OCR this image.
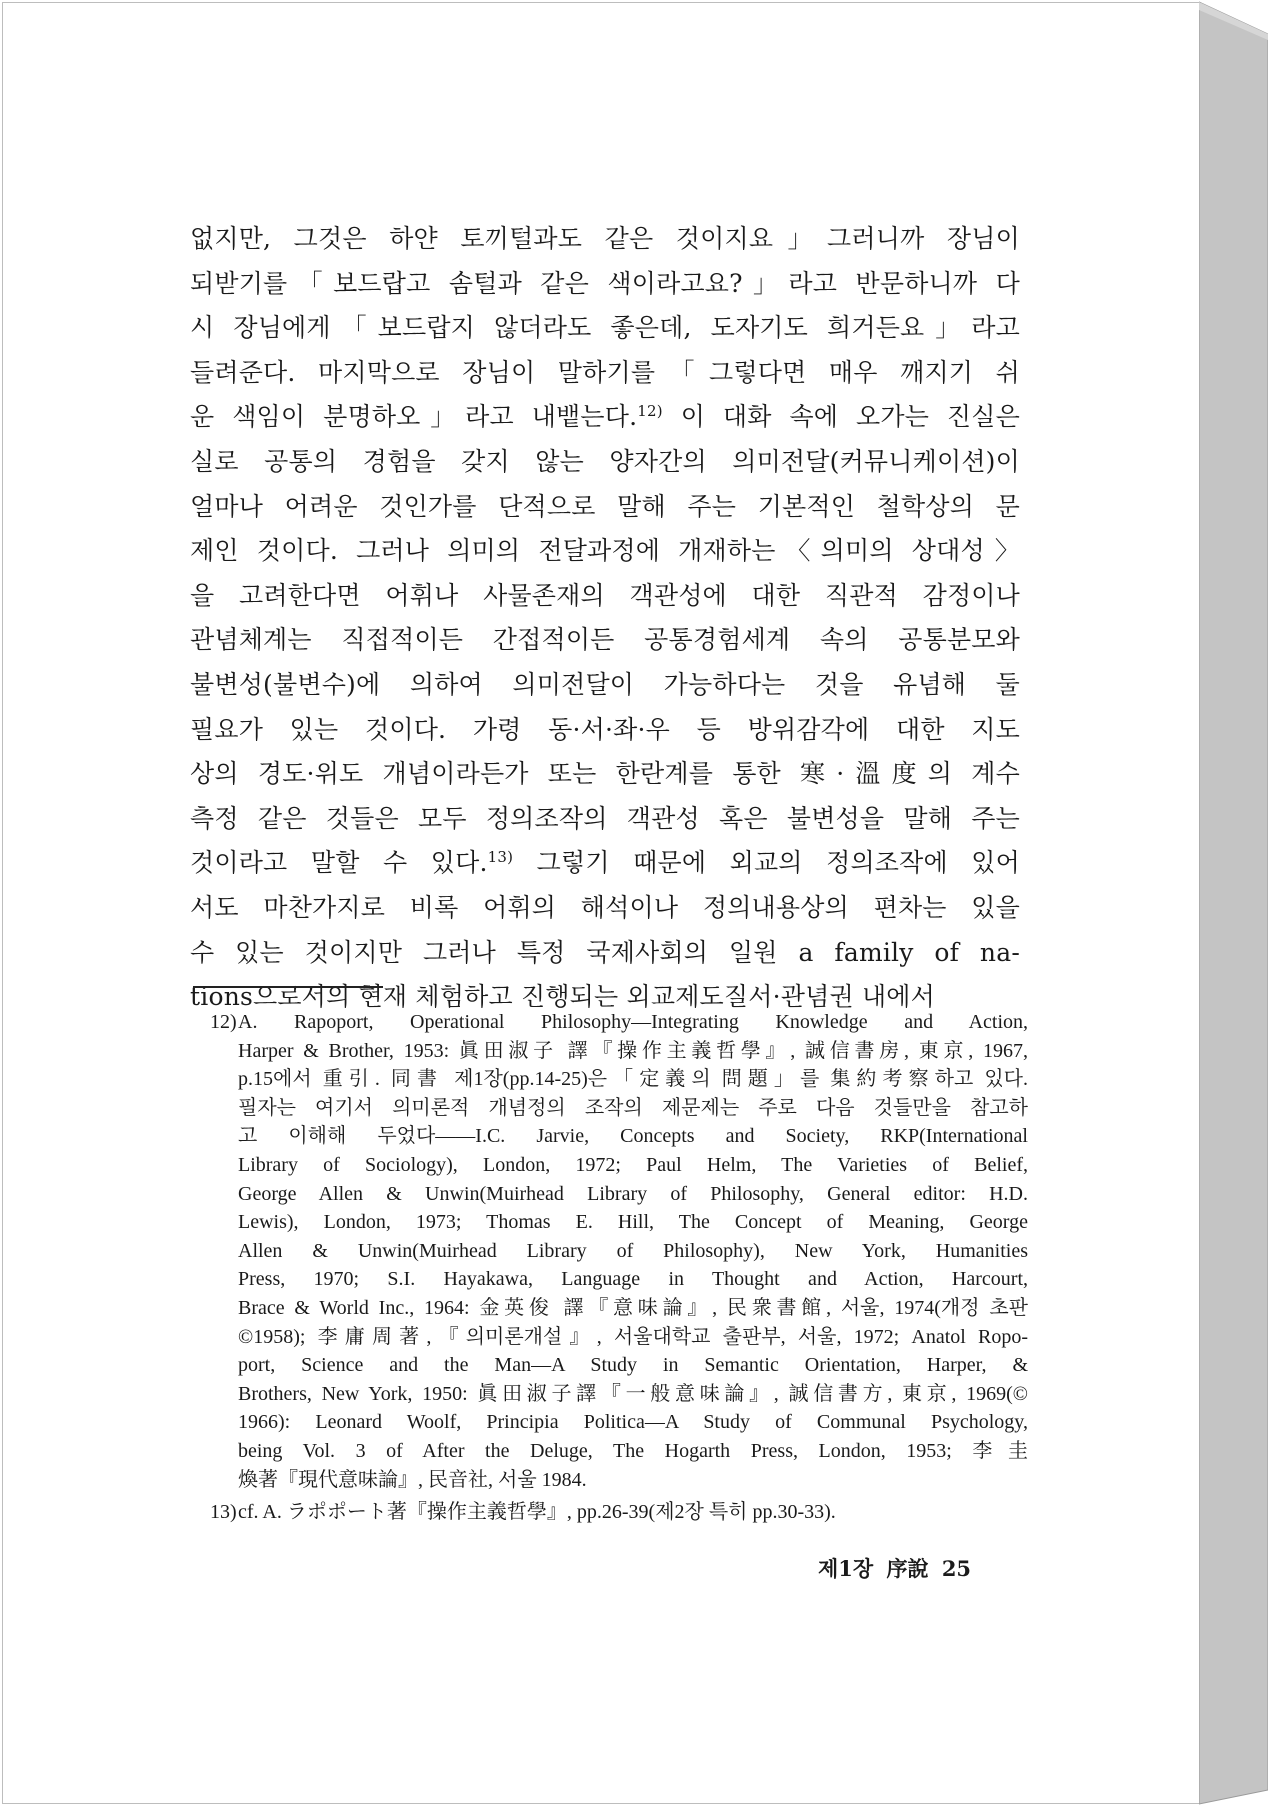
없지만, 그것은 하얀 토끼털과도 같은 것이지요」그러니까 장님이
되받기를「보드랍고 솜털과 같은 색이라고요?」라고 반문하니까 다
시 장님에게「보드랍지 않더라도 좋은데, 도자기도 희거든요」라고
들려준다. 마지막으로 장님이 말하기를「그렇다면 매우 깨지기 쉬
운 색임이 분명하오」라고 내뱉는다.$^{12)}$ 이 대화 속에 오가는 진실은
실로 공통의 경험을 갖지 않는 양자간의 의미전달(커뮤니케이션)이
얼마나 어려운 것인가를 단적으로 말해 주는 기본적인 철학상의 문
제인 것이다. 그러나 의미의 전달과정에 개재하는〈의미의 상대성〉
을 고려한다면 어휘나 사물존재의 객관성에 대한 직관적 감정이나
관념체계는 직접적이든 간접적이든 공통경험세계 속의 공통분모와
불변성(불변수)에 의하여 의미전달이 가능하다는 것을 유념해 둘
필요가 있는 것이다. 가령 동·서·좌·우 등 방위감각에 대한 지도
상의 경도·위도 개념이라든가 또는 한란계를 통한 寒·溫度의 계수
측정 같은 것들은 모두 정의조작의 객관성 혹은 불변성을 말해 주는
것이라고 말할 수 있다.$^{13)}$ 그렇기 때문에 외교의 정의조작에 있어
서도 마찬가지로 비록 어휘의 해석이나 정의내용상의 편차는 있을
수 있는 것이지만 그러나 특정 국제사회의 일원 a family of na-
tions으로서의 현재 체험하고 진행되는 외교제도질서·관념권 내에서
12) A. Rapoport, Operational Philosophy—Integrating Knowledge and Action,
Harper & Brother, 1953: 眞田淑子 譯『操作主義哲學』, 誠信書房, 東京, 1967,
p.15에서 重引. 同書 제1장(pp.14-25)은「定義의 問題」를 集約考察하고 있다.
필자는 여기서 의미론적 개념정의 조작의 제문제는 주로 다음 것들만을 참고하
고 이해해 두었다——I.C. Jarvie, Concepts and Society, RKP(International
Library of Sociology), London, 1972; Paul Helm, The Varieties of Belief,
George Allen & Unwin(Muirhead Library of Philosophy, General editor: H.D.
Lewis), London, 1973; Thomas E. Hill, The Concept of Meaning, George
Allen & Unwin(Muirhead Library of Philosophy), New York, Humanities
Press, 1970; S.I. Hayakawa, Language in Thought and Action, Harcourt,
Brace & World Inc., 1964: 金英俊 譯『意味論』, 民衆書館, 서울, 1974(개정 초판
©1958); 李庸周著,『의미론개설』, 서울대학교 출판부, 서울, 1972; Anatol Ropo-
port, Science and the Man—A Study in Semantic Orientation, Harper, &
Brothers, New York, 1950: 眞田淑子譯『一般意味論』, 誠信書方, 東京, 1969(©
1966): Leonard Woolf, Principia Politica—A Study of Communal Psychology,
being Vol. 3 of After the Deluge, The Hogarth Press, London, 1953; 李圭
煥著『現代意味論』, 民音社, 서울 1984.
13) cf. A. ラポポート著『操作主義哲學』, pp.26-39(제2장 특히 pp.30-33).
제1장 序說 25
